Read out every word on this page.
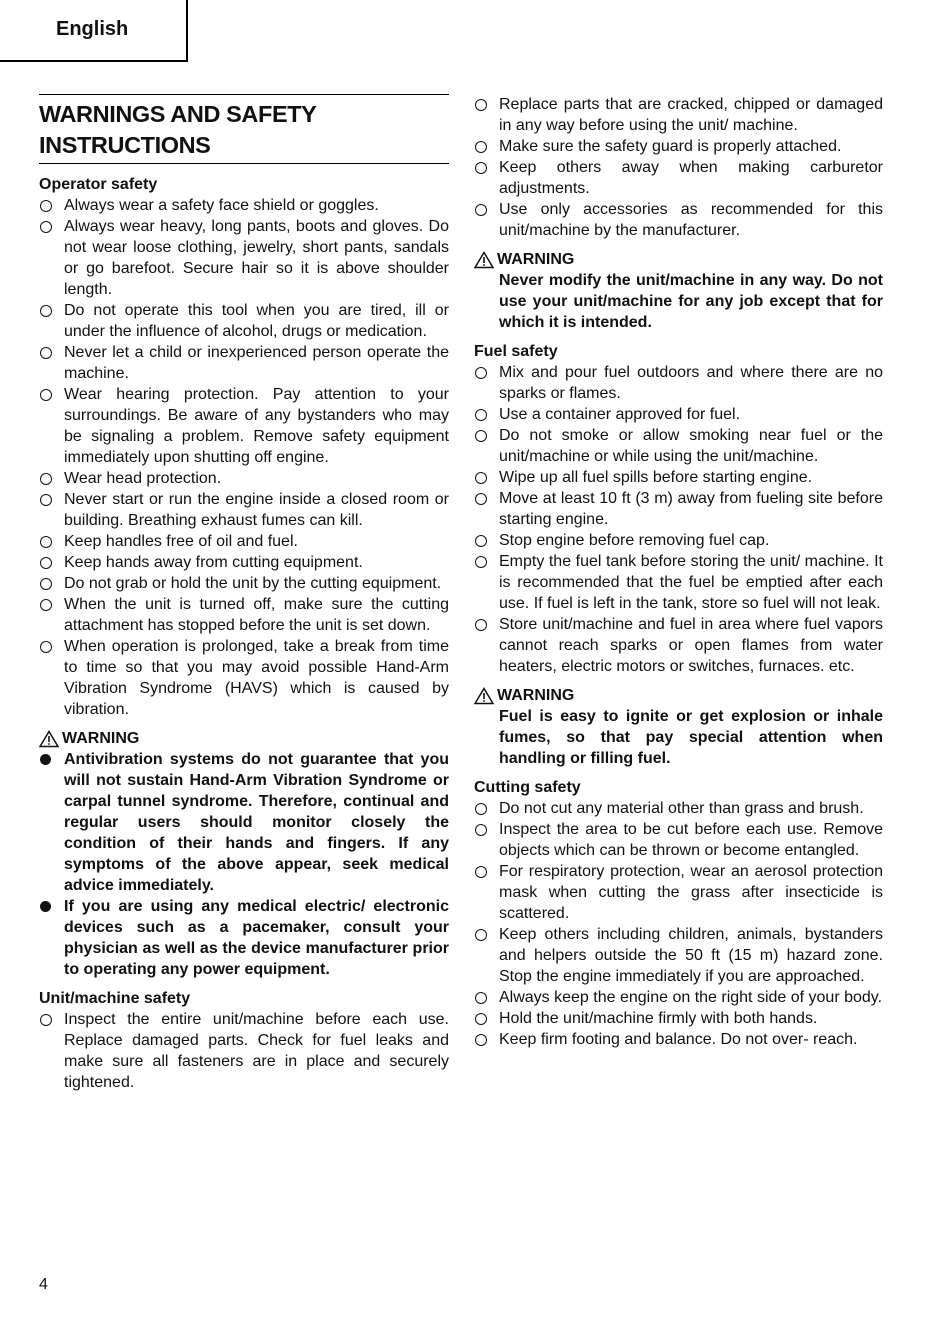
English
WARNINGS AND SAFETY INSTRUCTIONS
Operator safety
Always wear a safety face shield or goggles.
Always wear heavy, long pants, boots and gloves. Do not wear loose clothing, jewelry, short pants, sandals or go barefoot. Secure hair so it is above shoulder length.
Do not operate this tool when you are tired, ill or under the influence of alcohol, drugs or medication.
Never let a child or inexperienced person operate the machine.
Wear hearing protection. Pay attention to your surroundings. Be aware of any bystanders who may be signaling a problem. Remove safety equipment immediately upon shutting off engine.
Wear head protection.
Never start or run the engine inside a closed room or building. Breathing exhaust fumes can kill.
Keep handles free of oil and fuel.
Keep hands away from cutting equipment.
Do not grab or hold the unit by the cutting equipment.
When the unit is turned off, make sure the cutting attachment has stopped before the unit is set down.
When operation is prolonged, take a break from time to time so that you may avoid possible Hand-Arm Vibration Syndrome (HAVS) which is caused by vibration.
WARNING
Antivibration systems do not guarantee that you will not sustain Hand-Arm Vibration Syndrome or carpal tunnel syndrome. Therefore, continual and regular users should monitor closely the condition of their hands and fingers. If any symptoms of the above appear, seek medical advice immediately.
If you are using any medical electric/ electronic devices such as a pacemaker, consult your physician as well as the device manufacturer prior to operating any power equipment.
Unit/machine safety
Inspect the entire unit/machine before each use. Replace damaged parts. Check for fuel leaks and make sure all fasteners are in place and securely tightened.
Replace parts that are cracked, chipped or damaged in any way before using the unit/ machine.
Make sure the safety guard is properly attached.
Keep others away when making carburetor adjustments.
Use only accessories as recommended for this unit/machine by the manufacturer.
WARNING
Never modify the unit/machine in any way. Do not use your unit/machine for any job except that for which it is intended.
Fuel safety
Mix and pour fuel outdoors and where there are no sparks or flames.
Use a container approved for fuel.
Do not smoke or allow smoking near fuel or the unit/machine or while using the unit/machine.
Wipe up all fuel spills before starting engine.
Move at least 10 ft (3 m) away from fueling site before starting engine.
Stop engine before removing fuel cap.
Empty the fuel tank before storing the unit/ machine. It is recommended that the fuel be emptied after each use. If fuel is left in the tank, store so fuel will not leak.
Store unit/machine and fuel in area where fuel vapors cannot reach sparks or open flames from water heaters, electric motors or switches, furnaces. etc.
WARNING
Fuel is easy to ignite or get explosion or inhale fumes, so that pay special attention when handling or filling fuel.
Cutting safety
Do not cut any material other than grass and brush.
Inspect the area to be cut before each use. Remove objects which can be thrown or become entangled.
For respiratory protection, wear an aerosol protection mask when cutting the grass after insecticide is scattered.
Keep others including children, animals, bystanders and helpers outside the 50 ft (15 m) hazard zone. Stop the engine immediately if you are approached.
Always keep the engine on the right side of your body.
Hold the unit/machine firmly with both hands.
Keep firm footing and balance. Do not over- reach.
4
